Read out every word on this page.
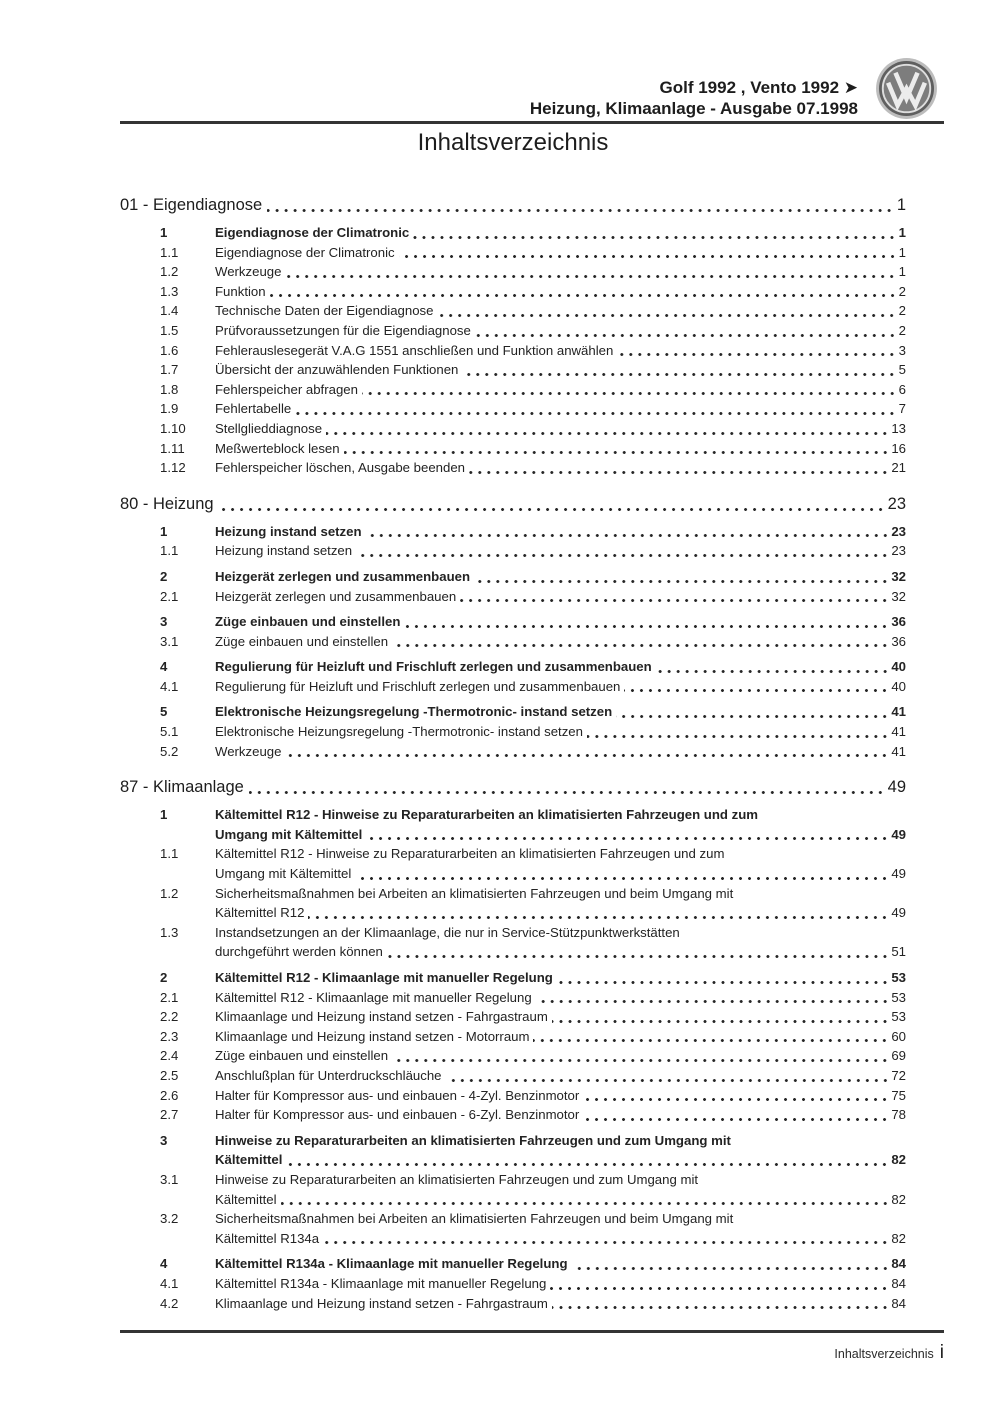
Golf 1992 , Vento 1992 ➤
Heizung, Klimaanlage - Ausgabe 07.1998
Inhaltsverzeichnis
01 - Eigendiagnose	1
1	Eigendiagnose der Climatronic	1
1.1	Eigendiagnose der Climatronic	1
1.2	Werkzeuge	1
1.3	Funktion	2
1.4	Technische Daten der Eigendiagnose	2
1.5	Prüfvoraussetzungen für die Eigendiagnose	2
1.6	Fehlerauslesegerät V.A.G 1551 anschließen und Funktion anwählen	3
1.7	Übersicht der anzuwählenden Funktionen	5
1.8	Fehlerspeicher abfragen	6
1.9	Fehlertabelle	7
1.10	Stellglieddiagnose	13
1.11	Meßwerteblock lesen	16
1.12	Fehlerspeicher löschen, Ausgabe beenden	21
80 - Heizung	23
1	Heizung instand setzen	23
1.1	Heizung instand setzen	23
2	Heizgerät zerlegen und zusammenbauen	32
2.1	Heizgerät zerlegen und zusammenbauen	32
3	Züge einbauen und einstellen	36
3.1	Züge einbauen und einstellen	36
4	Regulierung für Heizluft und Frischluft zerlegen und zusammenbauen	40
4.1	Regulierung für Heizluft und Frischluft zerlegen und zusammenbauen	40
5	Elektronische Heizungsregelung -Thermotronic- instand setzen	41
5.1	Elektronische Heizungsregelung -Thermotronic- instand setzen	41
5.2	Werkzeuge	41
87 - Klimaanlage	49
1	Kältemittel R12 - Hinweise zu Reparaturarbeiten an klimatisierten Fahrzeugen und zum
Umgang mit Kältemittel	49
1.1	Kältemittel R12 - Hinweise zu Reparaturarbeiten an klimatisierten Fahrzeugen und zum
Umgang mit Kältemittel	49
1.2	Sicherheitsmaßnahmen bei Arbeiten an klimatisierten Fahrzeugen und beim Umgang mit
Kältemittel R12	49
1.3	Instandsetzungen an der Klimaanlage, die nur in Service-Stützpunktwerkstätten
durchgeführt werden können	51
2	Kältemittel R12 - Klimaanlage mit manueller Regelung	53
2.1	Kältemittel R12 - Klimaanlage mit manueller Regelung	53
2.2	Klimaanlage und Heizung instand setzen - Fahrgastraum	53
2.3	Klimaanlage und Heizung instand setzen - Motorraum	60
2.4	Züge einbauen und einstellen	69
2.5	Anschlußplan für Unterdruckschläuche	72
2.6	Halter für Kompressor aus- und einbauen - 4-Zyl. Benzinmotor	75
2.7	Halter für Kompressor aus- und einbauen - 6-Zyl. Benzinmotor	78
3	Hinweise zu Reparaturarbeiten an klimatisierten Fahrzeugen und zum Umgang mit
Kältemittel	82
3.1	Hinweise zu Reparaturarbeiten an klimatisierten Fahrzeugen und zum Umgang mit
Kältemittel	82
3.2	Sicherheitsmaßnahmen bei Arbeiten an klimatisierten Fahrzeugen und beim Umgang mit
Kältemittel R134a	82
4	Kältemittel R134a - Klimaanlage mit manueller Regelung	84
4.1	Kältemittel R134a - Klimaanlage mit manueller Regelung	84
4.2	Klimaanlage und Heizung instand setzen - Fahrgastraum	84
Inhaltsverzeichnis i
